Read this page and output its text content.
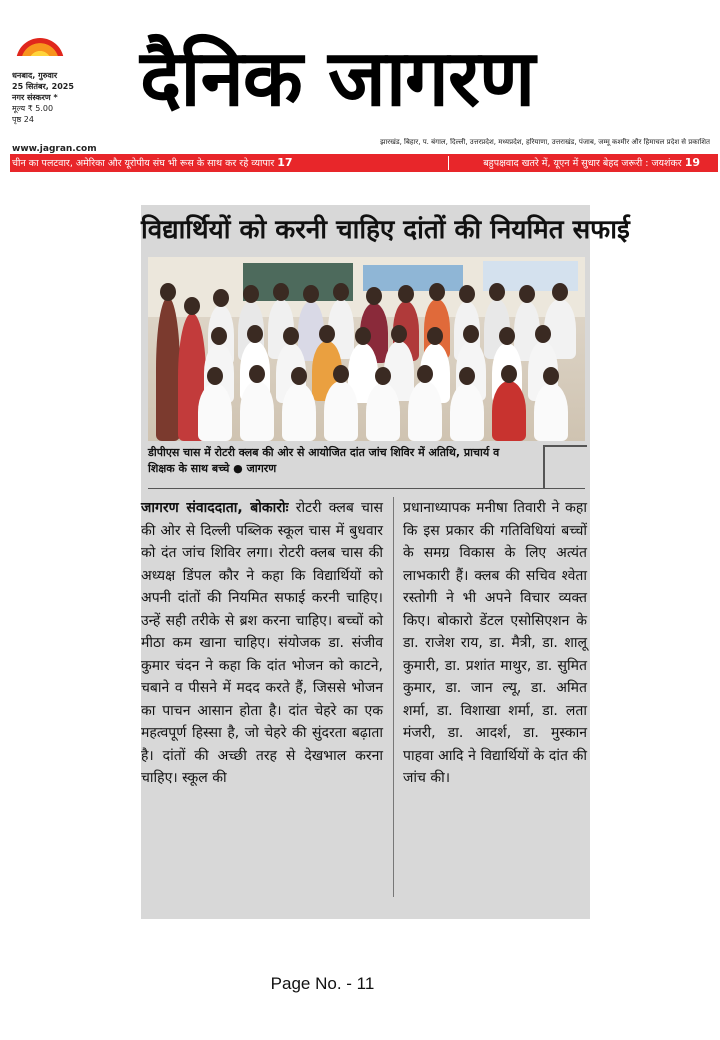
धनबाद, गुरुवार
25 सितंबर, 2025
नगर संस्करण *
मूल्य ₹ 5.00
पृष्ठ 24	दैनिक जागरण
www.jagran.com
झारखंड, बिहार, प. बंगाल, दिल्ली, उत्तरप्रदेश, मध्यप्रदेश, हरियाणा, उत्तराखंड, पंजाब, जम्मू कश्मीर और हिमाचल प्रदेश से प्रकाशित
चीन का पलटवार, अमेरिका और यूरोपीय संघ भी रूस के साथ कर रहे व्यापार 17	बहुपक्षवाद खतरे में, यूएन में सुधार बेहद जरूरी : जयशंकर 19
विद्यार्थियों को करनी चाहिए दांतों की नियमित सफाई
डीपीएस चास में रोटरी क्लब की ओर से आयोजित दांत जांच शिविर में अतिथि, प्राचार्य व शिक्षक के साथ बच्चे ● जागरण

जागरण संवाददाता, बोकारोः रोटरी क्लब चास की ओर से दिल्ली पब्लिक स्कूल चास में बुधवार को दंत जांच शिविर लगा। रोटरी क्लब चास की अध्यक्ष डिंपल कौर ने कहा कि विद्यार्थियों को अपनी दांतों की नियमित सफाई करनी चाहिए। उन्हें सही तरीके से ब्रश करना चाहिए। बच्चों को मीठा कम खाना चाहिए। संयोजक डा. संजीव कुमार चंदन ने कहा कि दांत भोजन को काटने, चबाने व पीसने में मदद करते हैं, जिससे भोजन का पाचन आसान होता है। दांत चेहरे का एक महत्वपूर्ण हिस्सा है, जो चेहरे की सुंदरता बढ़ाता है। दांतों की अच्छी तरह से देखभाल करना चाहिए। स्कूल की

प्रधानाध्यापक मनीषा तिवारी ने कहा कि इस प्रकार की गतिविधियां बच्चों के समग्र विकास के लिए अत्यंत लाभकारी हैं। क्लब की सचिव श्वेता रस्तोगी ने भी अपने विचार व्यक्त किए। बोकारो डेंटल एसोसिएशन के डा. राजेश राय, डा. मैत्री, डा. शालू कुमारी, डा. प्रशांत माथुर, डा. सुमित कुमार, डा. जान ल्यू, डा. अमित शर्मा, डा. विशाखा शर्मा, डा. लता मंजरी, डा. आदर्श, डा. मुस्कान पाहवा आदि ने विद्यार्थियों के दांत की जांच की।

Page No. - 11
